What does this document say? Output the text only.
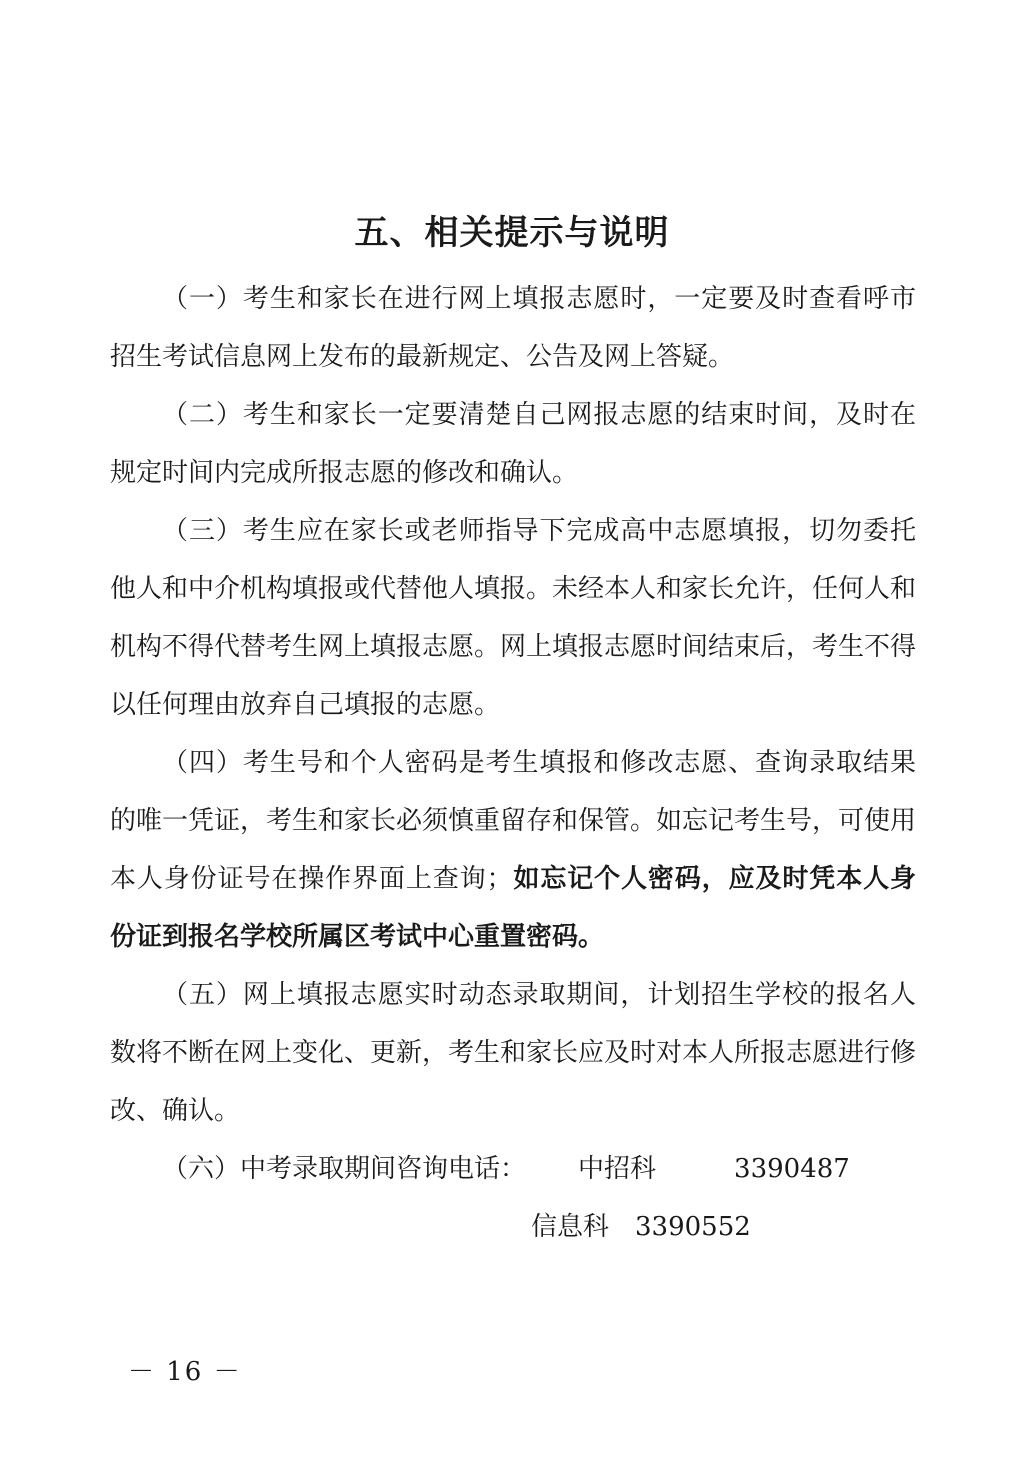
五、相关提示与说明

（一）考生和家长在进行网上填报志愿时，一定要及时查看呼市招生考试信息网上发布的最新规定、公告及网上答疑。

（二）考生和家长一定要清楚自己网报志愿的结束时间，及时在规定时间内完成所报志愿的修改和确认。

（三）考生应在家长或老师指导下完成高中志愿填报，切勿委托他人和中介机构填报或代替他人填报。未经本人和家长允许，任何人和机构不得代替考生网上填报志愿。网上填报志愿时间结束后，考生不得以任何理由放弃自己填报的志愿。

（四）考生号和个人密码是考生填报和修改志愿、查询录取结果的唯一凭证，考生和家长必须慎重留存和保管。如忘记考生号，可使用本人身份证号在操作界面上查询；如忘记个人密码，应及时凭本人身份证到报名学校所属区考试中心重置密码。

（五）网上填报志愿实时动态录取期间，计划招生学校的报名人数将不断在网上变化、更新，考生和家长应及时对本人所报志愿进行修改、确认。

（六）中考录取期间咨询电话： 中招科	3390487

信息科 3390552

－ 16 －
